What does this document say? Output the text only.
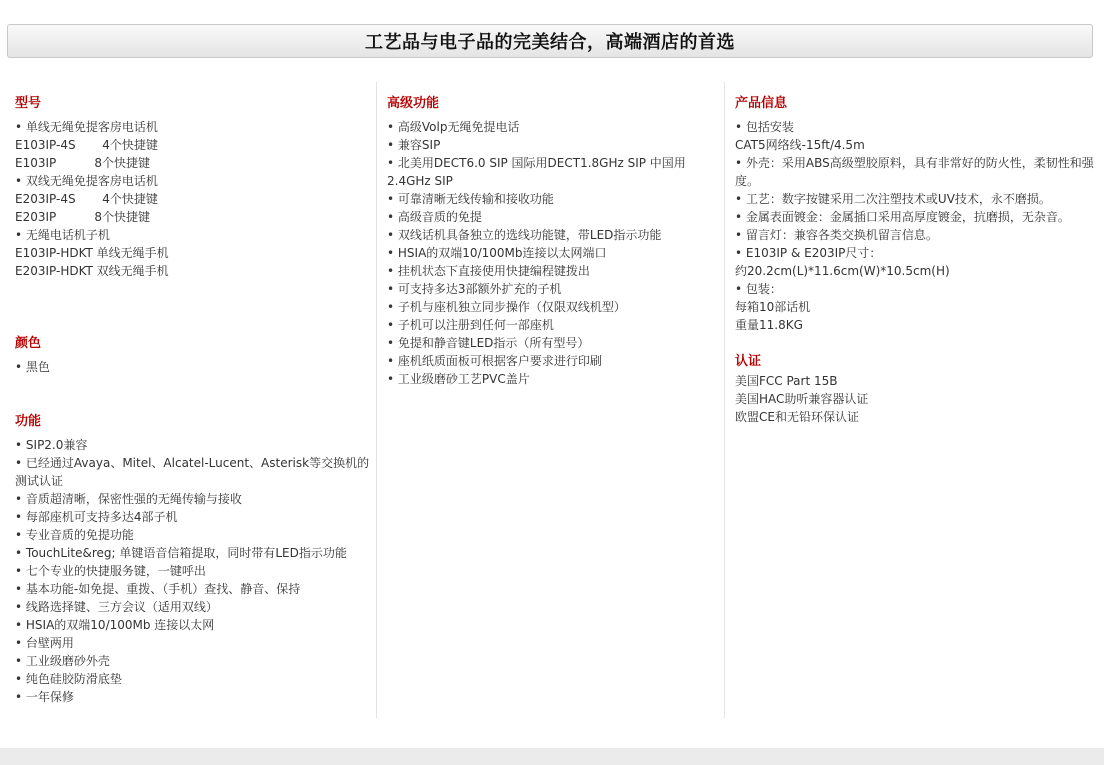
工艺品与电子品的完美结合，高端酒店的首选
型号
• 单线无绳免提客房电话机
E103IP-4S       4个快捷键
E103IP          8个快捷键
• 双线无绳免提客房电话机
E203IP-4S       4个快捷键
E203IP          8个快捷键
• 无绳电话机子机
E103IP-HDKT 单线无绳手机
E203IP-HDKT 双线无绳手机
颜色
• 黑色
功能
• SIP2.0兼容
• 已经通过Avaya、Mitel、Alcatel-Lucent、Asterisk等交换机的测试认证
• 音质超清晰，保密性强的无绳传输与接收
• 每部座机可支持多达4部子机
• 专业音质的免提功能
• TouchLite&reg; 单键语音信箱提取，同时带有LED指示功能
• 七个专业的快捷服务键，一键呼出
• 基本功能-如免提、重拨、（手机）查找、静音、保持
• 线路选择键、三方会议（适用双线）
• HSIA的双端10/100Mb 连接以太网
• 台壁两用
• 工业级磨砂外壳
• 纯色硅胶防滑底垫
• 一年保修
高级功能
• 高级Volp无绳免提电话
• 兼容SIP
• 北美用DECT6.0 SIP 国际用DECT1.8GHz SIP 中国用2.4GHz SIP
• 可靠清晰无线传输和接收功能
• 高级音质的免提
• 双线话机具备独立的选线功能键，带LED指示功能
• HSIA的双端10/100Mb连接以太网端口
• 挂机状态下直接使用快捷编程键拨出
• 可支持多达3部额外扩充的子机
• 子机与座机独立同步操作（仅限双线机型）
• 子机可以注册到任何一部座机
• 免提和静音键LED指示（所有型号）
• 座机纸质面板可根据客户要求进行印刷
• 工业级磨砂工艺PVC盖片
产品信息
• 包括安装
CAT5网络线-15ft/4.5m
• 外壳：采用ABS高级塑胶原料，具有非常好的防火性，柔韧性和强度。
• 工艺：数字按键采用二次注塑技术或UV技术，永不磨损。
• 金属表面镀金：金属插口采用高厚度镀金，抗磨损，无杂音。
• 留言灯：兼容各类交换机留言信息。
• E103IP & E203IP尺寸：
约20.2cm(L)*11.6cm(W)*10.5cm(H)
• 包装：
每箱10部话机
重量11.8KG
认证
美国FCC Part 15B
美国HAC助听兼容器认证
欧盟CE和无铅环保认证
